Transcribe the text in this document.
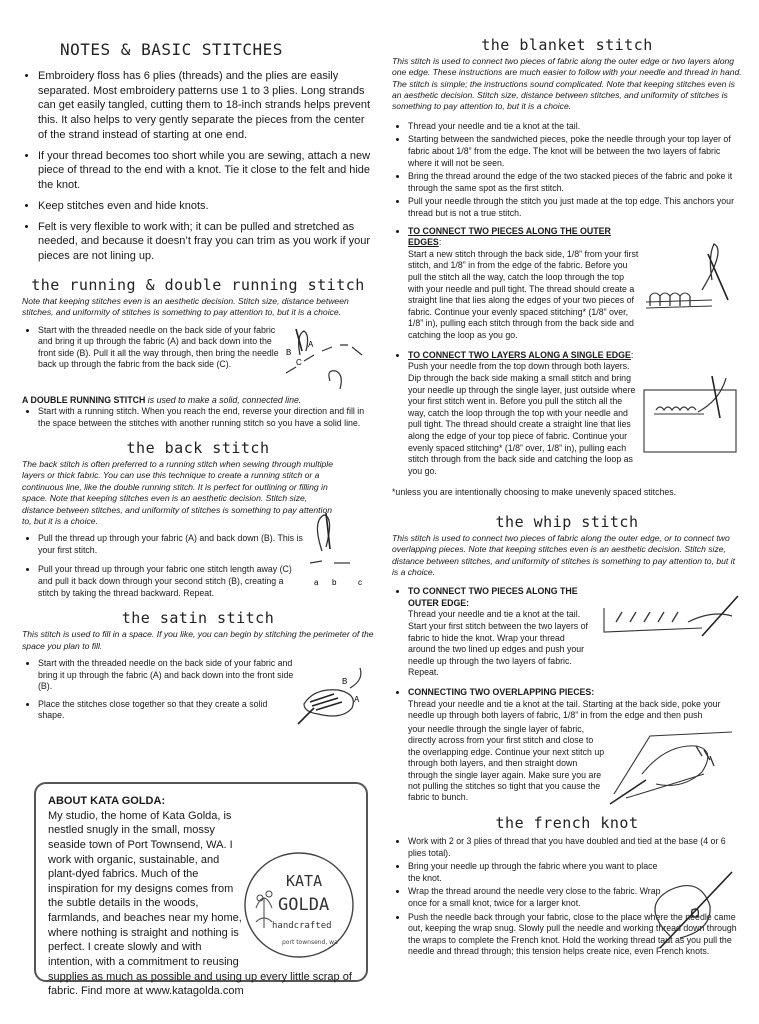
NOTES & BASIC STITCHES
• Embroidery floss has 6 plies (threads) and the plies are easily separated. Most embroidery patterns use 1 to 3 plies. Long strands can get easily tangled, cutting them to 18-inch strands helps prevent this. It also helps to very gently separate the pieces from the center of the strand instead of starting at one end.
• If your thread becomes too short while you are sewing, attach a new piece of thread to the end with a knot. Tie it close to the felt and hide the knot.
• Keep stitches even and hide knots.
• Felt is very flexible to work with; it can be pulled and stretched as needed, and because it doesn’t fray you can trim as you work if your pieces are not lining up.
the running & double running stitch

Note that keeping stitches even is an aesthetic decision. Stitch size, distance between stitches, and uniformity of stitches is something to pay attention to, but it is a choice.

• Start with the threaded needle on the back side of your fabric and bring it up through the fabric (A) and back down into the front side (B). Pull it all the way through, then bring the needle back up through the fabric from the back side (C).
A
B
C

A DOUBLE RUNNING STITCH is used to make a solid, connected line.

• Start with a running stitch. When you reach the end, reverse your direction and fill in the space between the stitches with another running stitch so you have a solid line.
the back stitch

The back stitch is often preferred to a running stitch when sewing through multiple layers or thick fabric. You can use this technique to create a running stitch or a continuous line, like the double running stitch. It is perfect for outlining or filling in space. Note that keeping stitches even is an aesthetic decision. Stitch size, distance between stitches, and uniformity of stitches is something to pay attention to, but it is a choice.

• Pull the thread up through your fabric (A) and back down (B). This is your first stitch.
• Pull your thread up through your fabric one stitch length away (C) and pull it back down through your second stitch (B), creating a stitch by taking the thread backward. Repeat.
a b	c
the satin stitch

This stitch is used to fill in a space. If you like, you can begin by stitching the perimeter of the space you plan to fill.

• Start with the threaded needle on the back side of your fabric and bring it up through the fabric (A) and back down into the front side (B).
• Place the stitches close together so that they create a solid shape.
A
B
ABOUT KATA GOLDA:
My studio, the home of Kata Golda, is nestled snugly in the small, mossy seaside town of Port Townsend, WA. I work with organic, sustainable, and plant-dyed fabrics. Much of the inspiration for my designs comes from the subtle details in the woods, farmlands, and beaches near my home, where nothing is straight and nothing is perfect. I create slowly and with intention, with a commitment to reusing supplies as much as possible and using up every little scrap of fabric. Find more at www.katagolda.com
KATA
GOLDA
handcrafted
port townsend, wa
the blanket stitch

This stitch is used to connect two pieces of fabric along the outer edge or two layers along one edge. These instructions are much easier to follow with your needle and thread in hand. The stitch is simple; the instructions sound complicated. Note that keeping stitches even is an aesthetic decision. Stitch size, distance between stitches, and uniformity of stitches is something to pay attention to, but it is a choice.

• Thread your needle and tie a knot at the tail.
• Starting between the sandwiched pieces, poke the needle through your top layer of fabric about 1/8” from the edge. The knot will be between the two layers of fabric where it will not be seen.
• Bring the thread around the edge of the two stacked pieces of the fabric and poke it through the same spot as the first stitch.
• Pull your needle through the stitch you just made at the top edge. This anchors your thread but is not a true stitch.
• TO CONNECT TWO PIECES ALONG THE OUTER EDGES:
Start a new stitch through the back side, 1/8” from your first stitch, and 1/8” in from the edge of the fabric. Before you pull the stitch all the way, catch the loop through the top with your needle and pull tight. The thread should create a straight line that lies along the edges of your two pieces of fabric. Continue your evenly spaced stitching* (1/8” over, 1/8” in), pulling each stitch through from the back side and catching the loop as you go.
• TO CONNECT TWO LAYERS ALONG A SINGLE EDGE:
Push your needle from the top down through both layers. Dip through the back side making a small stitch and bring your needle up through the single layer, just outside where your first stitch went in. Before you pull the stitch all the way, catch the loop through the top with your needle and pull tight. The thread should create a straight line that lies along the edge of your top piece of fabric. Continue your evenly spaced stitching* (1/8” over, 1/8” in), pulling each stitch through from the back side and catching the loop as you go.

*unless you are intentionally choosing to make unevenly spaced stitches.

the whip stitch

This stitch is used to connect two pieces of fabric along the outer edge, or to connect two overlapping pieces. Note that keeping stitches even is an aesthetic decision. Stitch size, distance between stitches, and uniformity of stitches is something to pay attention to, but it is a choice.

• TO CONNECT TWO PIECES ALONG THE OUTER EDGE:
Thread your needle and tie a knot at the tail. Start your first stitch between the two layers of fabric to hide the knot. Wrap your thread around the two lined up edges and push your needle up through the two layers of fabric. Repeat.
• CONNECTING TWO OVERLAPPING PIECES:
Thread your needle and tie a knot at the tail. Starting at the back side, poke your needle up through both layers of fabric, 1/8” in from the edge and then push

your needle through the single layer of fabric, directly across from your first stitch and close to the overlapping edge. Continue your next stitch up through both layers, and then straight down through the single layer again. Make sure you are not pulling the stitches so tight that you cause the fabric to bunch.

the french knot
• Work with 2 or 3 plies of thread that you have doubled and tied at the base (4 or 6 plies total).
• Bring your needle up through the fabric where you want to place the knot.
• Wrap the thread around the needle very close to the fabric. Wrap once for a small knot, twice for a larger knot.
• Push the needle back through your fabric, close to the place where the needle came out, keeping the wrap snug. Slowly pull the needle and working thread down through the wraps to complete the French knot. Hold the working thread taut as you pull the needle and thread through; this tension helps create nice, even French knots.
